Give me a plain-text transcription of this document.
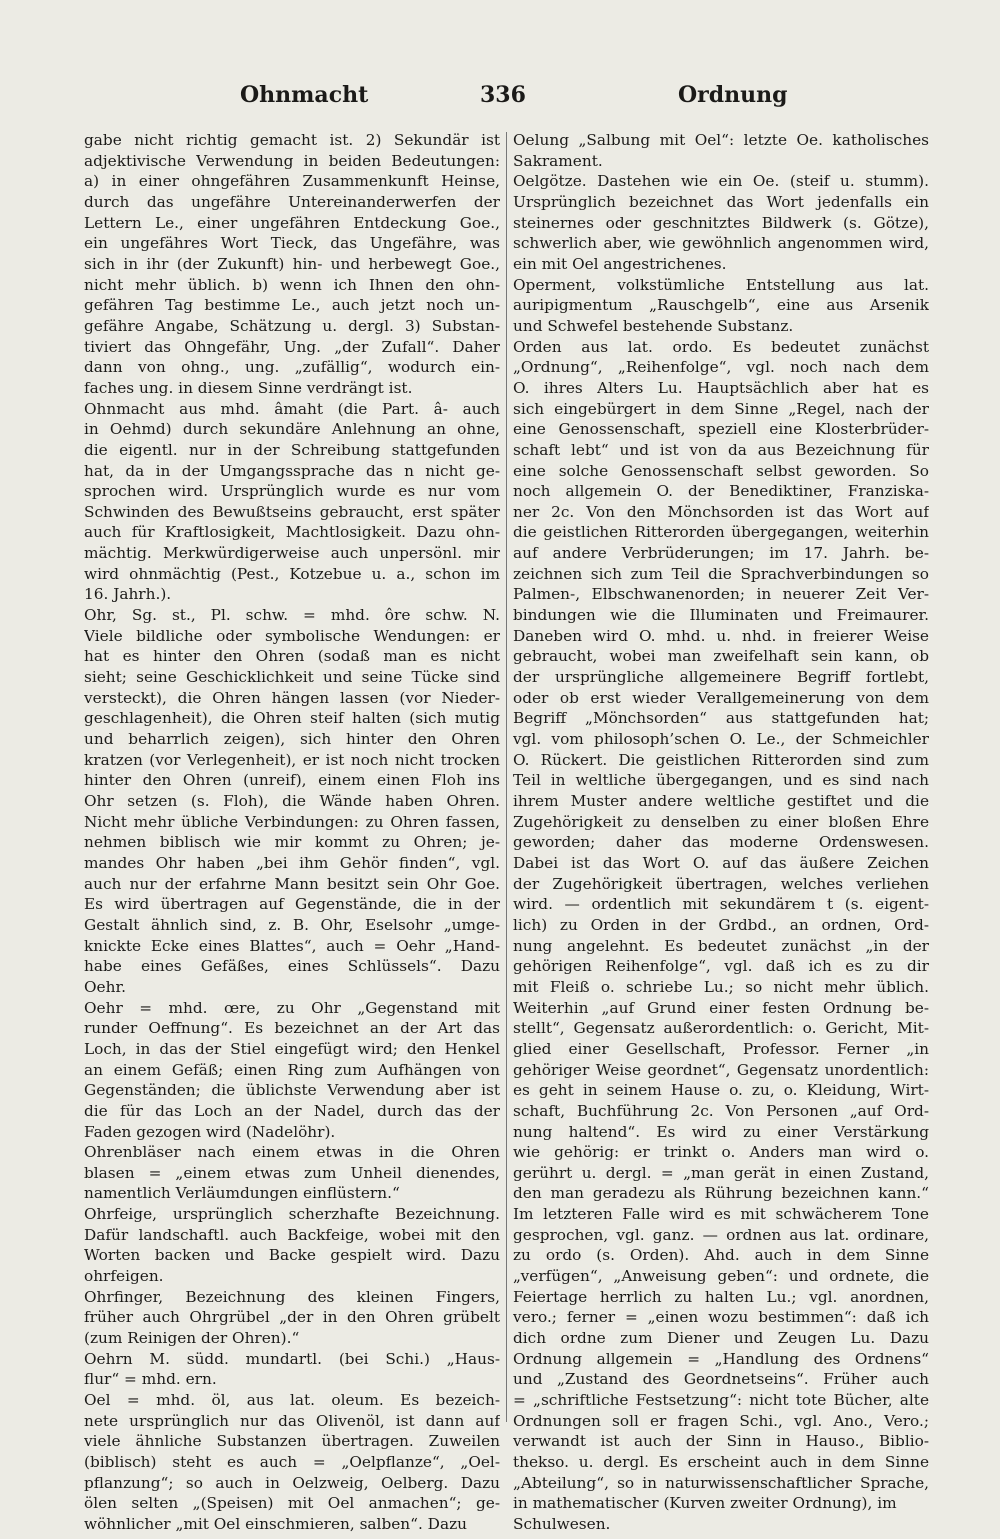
Ohnmacht	336	Ordnung
gabe nicht richtig gemacht ist. 2) Sekundär ist
adjektivische Verwendung in beiden Bedeutungen:
a) in einer ohngefähren Zusammenkunft Heinse,
durch das ungefähre Untereinanderwerfen der
Lettern Le., einer ungefähren Entdeckung Goe.,
ein ungefähres Wort Tieck, das Ungefähre, was
sich in ihr (der Zukunft) hin- und herbewegt Goe.,
nicht mehr üblich. b) wenn ich Ihnen den ohn-
gefähren Tag bestimme Le., auch jetzt noch un-
gefähre Angabe, Schätzung u. dergl. 3) Substan-
tiviert das Ohngefähr, Ung. „der Zufall“. Daher
dann von ohng., ung. „zufällig“, wodurch ein-
faches ung. in diesem Sinne verdrängt ist.
Ohnmacht aus mhd. âmaht (die Part. â- auch
in Oehmd) durch sekundäre Anlehnung an ohne,
die eigentl. nur in der Schreibung stattgefunden
hat, da in der Umgangssprache das n nicht ge-
sprochen wird. Ursprünglich wurde es nur vom
Schwinden des Bewußtseins gebraucht, erst später
auch für Kraftlosigkeit, Machtlosigkeit. Dazu ohn-
mächtig. Merkwürdigerweise auch unpersönl. mir
wird ohnmächtig (Pest., Kotzebue u. a., schon im
16. Jahrh.).
Ohr, Sg. st., Pl. schw. = mhd. ôre schw. N.
Viele bildliche oder symbolische Wendungen: er
hat es hinter den Ohren (sodaß man es nicht
sieht; seine Geschicklichkeit und seine Tücke sind
versteckt), die Ohren hängen lassen (vor Nieder-
geschlagenheit), die Ohren steif halten (sich mutig
und beharrlich zeigen), sich hinter den Ohren
kratzen (vor Verlegenheit), er ist noch nicht trocken
hinter den Ohren (unreif), einem einen Floh ins
Ohr setzen (s. Floh), die Wände haben Ohren.
Nicht mehr übliche Verbindungen: zu Ohren fassen,
nehmen biblisch wie mir kommt zu Ohren; je-
mandes Ohr haben „bei ihm Gehör finden“, vgl.
auch nur der erfahrne Mann besitzt sein Ohr Goe.
Es wird übertragen auf Gegenstände, die in der
Gestalt ähnlich sind, z. B. Ohr, Eselsohr „umge-
knickte Ecke eines Blattes“, auch = Oehr „Hand-
habe eines Gefäßes, eines Schlüssels“. Dazu
Oehr.
Oehr = mhd. œre, zu Ohr „Gegenstand mit
runder Oeffnung“. Es bezeichnet an der Art das
Loch, in das der Stiel eingefügt wird; den Henkel
an einem Gefäß; einen Ring zum Aufhängen von
Gegenständen; die üblichste Verwendung aber ist
die für das Loch an der Nadel, durch das der
Faden gezogen wird (Nadelöhr).
Ohrenbläser nach einem etwas in die Ohren
blasen = „einem etwas zum Unheil dienendes,
namentlich Verläumdungen einflüstern.“
Ohrfeige, ursprünglich scherzhafte Bezeichnung.
Dafür landschaftl. auch Backfeige, wobei mit den
Worten backen und Backe gespielt wird. Dazu
ohrfeigen.
Ohrfinger, Bezeichnung des kleinen Fingers,
früher auch Ohrgrübel „der in den Ohren grübelt
(zum Reinigen der Ohren).“
Oehrn M. südd. mundartl. (bei Schi.) „Haus-
flur“ = mhd. ern.
Oel = mhd. öl, aus lat. oleum. Es bezeich-
nete ursprünglich nur das Olivenöl, ist dann auf
viele ähnliche Substanzen übertragen. Zuweilen
(biblisch) steht es auch = „Oelpflanze“, „Oel-
pflanzung“; so auch in Oelzweig, Oelberg. Dazu
ölen selten „(Speisen) mit Oel anmachen“; ge-
wöhnlicher „mit Oel einschmieren, salben“. Dazu
Oelung „Salbung mit Oel“: letzte Oe. katholisches
Sakrament.
Oelgötze. Dastehen wie ein Oe. (steif u. stumm).
Ursprünglich bezeichnet das Wort jedenfalls ein
steinernes oder geschnitztes Bildwerk (s. Götze),
schwerlich aber, wie gewöhnlich angenommen wird,
ein mit Oel angestrichenes.
Operment, volkstümliche Entstellung aus lat.
auripigmentum „Rauschgelb“, eine aus Arsenik
und Schwefel bestehende Substanz.
Orden aus lat. ordo. Es bedeutet zunächst
„Ordnung“, „Reihenfolge“, vgl. noch nach dem
O. ihres Alters Lu. Hauptsächlich aber hat es
sich eingebürgert in dem Sinne „Regel, nach der
eine Genossenschaft, speziell eine Klosterbrüder-
schaft lebt“ und ist von da aus Bezeichnung für
eine solche Genossenschaft selbst geworden. So
noch allgemein O. der Benediktiner, Franziska-
ner 2c. Von den Mönchsorden ist das Wort auf
die geistlichen Ritterorden übergegangen, weiterhin
auf andere Verbrüderungen; im 17. Jahrh. be-
zeichnen sich zum Teil die Sprachverbindungen so
Palmen-, Elbschwanenorden; in neuerer Zeit Ver-
bindungen wie die Illuminaten und Freimaurer.
Daneben wird O. mhd. u. nhd. in freierer Weise
gebraucht, wobei man zweifelhaft sein kann, ob
der ursprüngliche allgemeinere Begriff fortlebt,
oder ob erst wieder Verallgemeinerung von dem
Begriff „Mönchsorden“ aus stattgefunden hat;
vgl. vom philosoph’schen O. Le., der Schmeichler
O. Rückert. Die geistlichen Ritterorden sind zum
Teil in weltliche übergegangen, und es sind nach
ihrem Muster andere weltliche gestiftet und die
Zugehörigkeit zu denselben zu einer bloßen Ehre
geworden; daher das moderne Ordenswesen.
Dabei ist das Wort O. auf das äußere Zeichen
der Zugehörigkeit übertragen, welches verliehen
wird. — ordentlich mit sekundärem t (s. eigent-
lich) zu Orden in der Grdbd., an ordnen, Ord-
nung angelehnt. Es bedeutet zunächst „in der
gehörigen Reihenfolge“, vgl. daß ich es zu dir
mit Fleiß o. schriebe Lu.; so nicht mehr üblich.
Weiterhin „auf Grund einer festen Ordnung be-
stellt“, Gegensatz außerordentlich: o. Gericht, Mit-
glied einer Gesellschaft, Professor. Ferner „in
gehöriger Weise geordnet“, Gegensatz unordentlich:
es geht in seinem Hause o. zu, o. Kleidung, Wirt-
schaft, Buchführung 2c. Von Personen „auf Ord-
nung haltend“. Es wird zu einer Verstärkung
wie gehörig: er trinkt o. Anders man wird o.
gerührt u. dergl. = „man gerät in einen Zustand,
den man geradezu als Rührung bezeichnen kann.“
Im letzteren Falle wird es mit schwächerem Tone
gesprochen, vgl. ganz. — ordnen aus lat. ordinare,
zu ordo (s. Orden). Ahd. auch in dem Sinne
„verfügen“, „Anweisung geben“: und ordnete, die
Feiertage herrlich zu halten Lu.; vgl. anordnen,
vero.; ferner = „einen wozu bestimmen“: daß ich
dich ordne zum Diener und Zeugen Lu. Dazu
Ordnung allgemein = „Handlung des Ordnens“
und „Zustand des Geordnetseins“. Früher auch
= „schriftliche Festsetzung“: nicht tote Bücher, alte
Ordnungen soll er fragen Schi., vgl. Ano., Vero.;
verwandt ist auch der Sinn in Hauso., Biblio-
thekso. u. dergl. Es erscheint auch in dem Sinne
„Abteilung“, so in naturwissenschaftlicher Sprache,
in mathematischer (Kurven zweiter Ordnung), im
Schulwesen.
